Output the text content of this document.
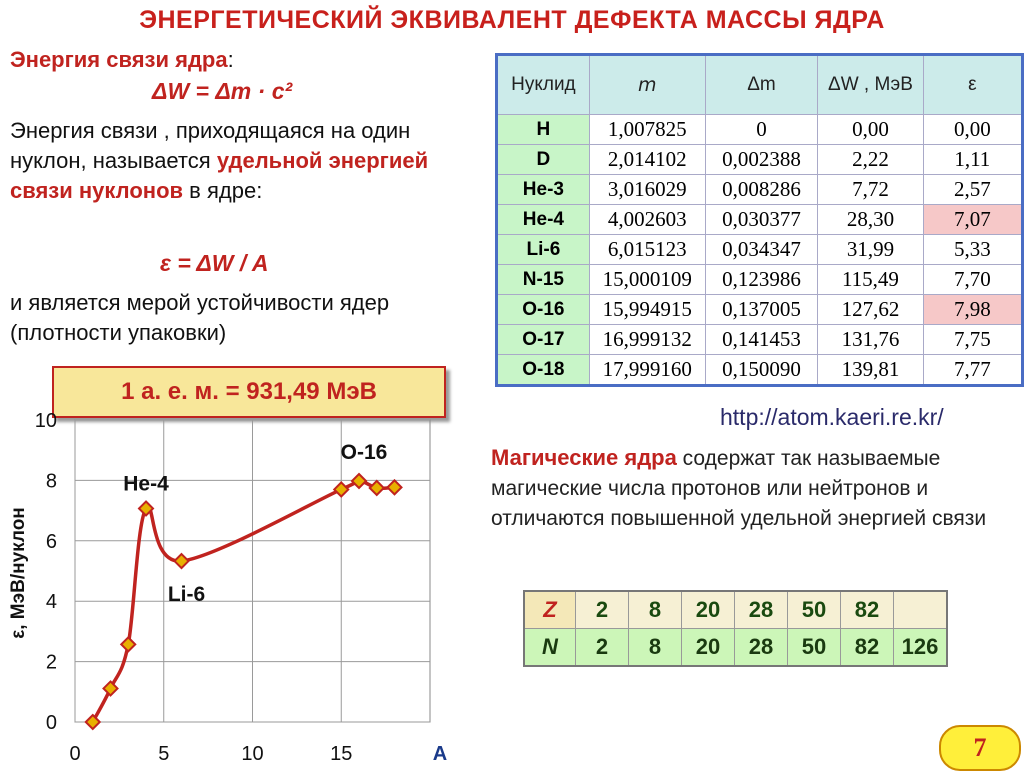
ЭНЕРГЕТИЧЕСКИЙ ЭКВИВАЛЕНТ ДЕФЕКТА МАССЫ ЯДРА
Энергия связи ядра:
ΔW = Δm · c²
Энергия связи , приходящаяся на один нуклон, называется удельной энергией связи нуклонов в ядре:
ε = ΔW / A
и является мерой устойчивости ядер (плотности упаковки)
1 а. е. м. = 931,49 МэВ
Нуклид	m	Δm	ΔW , МэВ	ε
H	1,007825	0	0,00	0,00
D	2,014102	0,002388	2,22	1,11
He-3	3,016029	0,008286	7,72	2,57
He-4	4,002603	0,030377	28,30	7,07
Li-6	6,015123	0,034347	31,99	5,33
N-15	15,000109	0,123986	115,49	7,70
O-16	15,994915	0,137005	127,62	7,98
O-17	16,999132	0,141453	131,76	7,75
O-18	17,999160	0,150090	139,81	7,77
http://atom.kaeri.re.kr/
Магические ядра содержат так называемые магические числа протонов или нейтронов и отличаются повышенной удельной энергией связи
Z	2	8	20	28	50	82	
N	2	8	20	28	50	82	126
7
0
2
4
6
8
10
0	5	10	15
He-4
Li-6
O-16
ε, МэВ/нуклон
A
